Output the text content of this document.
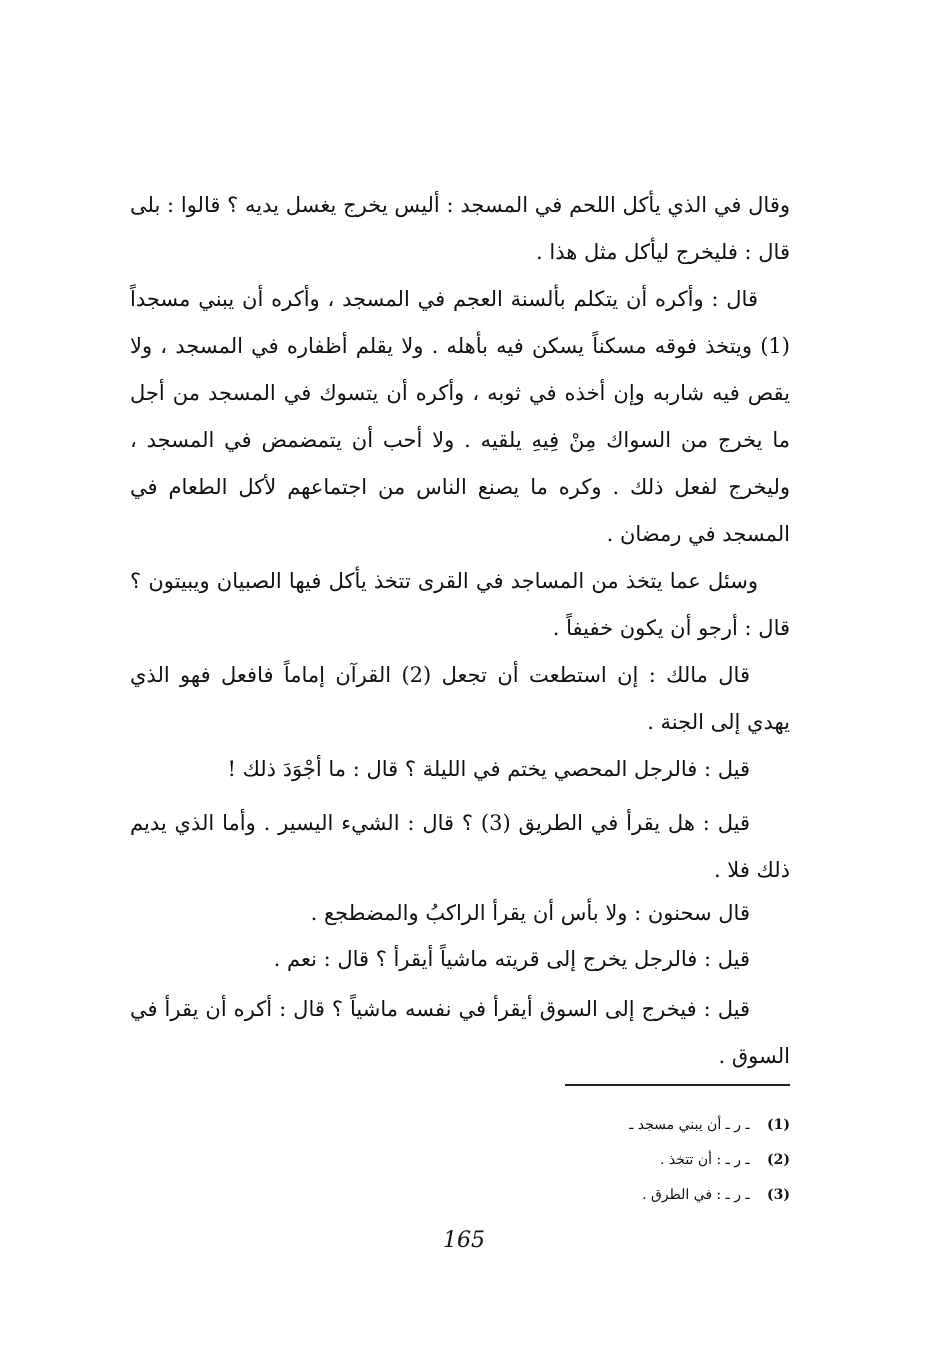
وقال في الذي يأكل اللحم في المسجد : أليس يخرج يغسل يديه ؟ قالوا : بلى قال : فليخرج ليأكل مثل هذا .
قال : وأكره أن يتكلم بألسنة العجم في المسجد ، وأكره أن يبني مسجداً (1) ويتخذ فوقه مسكناً يسكن فيه بأهله . ولا يقلم أظفاره في المسجد ، ولا يقص فيه شاربه وإن أخذه في ثوبه ، وأكره أن يتسوك في المسجد من أجل ما يخرج من السواك مِنْ فِيهِ يلقيه . ولا أحب أن يتمضمض في المسجد ، وليخرج لفعل ذلك . وكره ما يصنع الناس من اجتماعهم لأكل الطعام في المسجد في رمضان .
وسئل عما يتخذ من المساجد في القرى تتخذ يأكل فيها الصبيان ويبيتون ؟ قال : أرجو أن يكون خفيفاً .
قال مالك : إن استطعت أن تجعل (2) القرآن إماماً فافعل فهو الذي يهدي إلى الجنة .
قيل : فالرجل المحصي يختم في الليلة ؟ قال : ما أجْوَدَ ذلك !
قيل : هل يقرأ في الطريق (3) ؟ قال : الشيء اليسير . وأما الذي يديم ذلك فلا .
قال سحنون : ولا بأس أن يقرأ الراكبُ والمضطجع .
قيل : فالرجل يخرج إلى قريته ماشياً أيقرأ ؟ قال : نعم .
قيل : فيخرج إلى السوق أيقرأ في نفسه ماشياً ؟ قال : أكره أن يقرأ في السوق .
(1) ـ ر ـ أن يبني مسجد ـ
(2) ـ ر ـ : أن تتخذ .
(3) ـ ر ـ : في الطرق .
165
